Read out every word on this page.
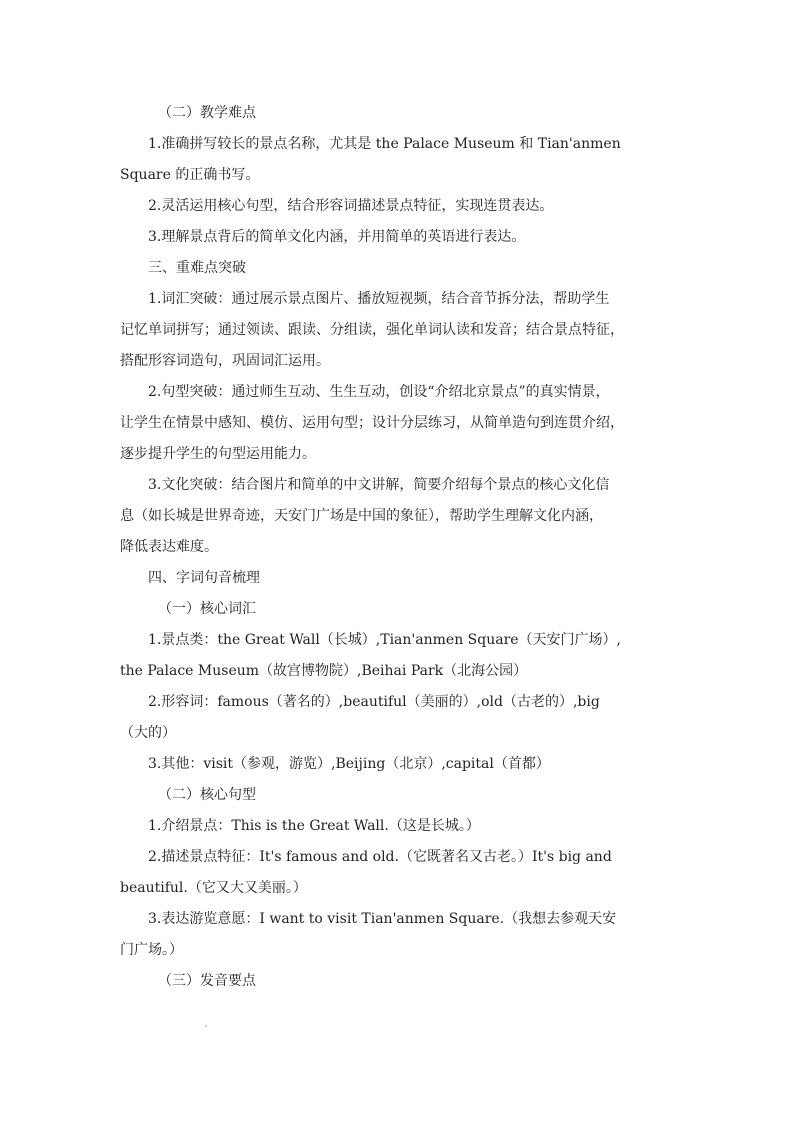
（二）教学难点
1.准确拼写较长的景点名称，尤其是 the Palace Museum 和 Tian'anmen
Square 的正确书写。
2.灵活运用核心句型，结合形容词描述景点特征，实现连贯表达。
3.理解景点背后的简单文化内涵，并用简单的英语进行表达。
三、重难点突破
1.词汇突破：通过展示景点图片、播放短视频，结合音节拆分法，帮助学生
记忆单词拼写；通过领读、跟读、分组读，强化单词认读和发音；结合景点特征，
搭配形容词造句，巩固词汇运用。
2.句型突破：通过师生互动、生生互动，创设“介绍北京景点”的真实情景，
让学生在情景中感知、模仿、运用句型；设计分层练习，从简单造句到连贯介绍，
逐步提升学生的句型运用能力。
3.文化突破：结合图片和简单的中文讲解，简要介绍每个景点的核心文化信
息（如长城是世界奇迹，天安门广场是中国的象征），帮助学生理解文化内涵，
降低表达难度。
四、字词句音梳理
（一）核心词汇
1.景点类：the Great Wall（长城）,Tian'anmen Square（天安门广场）,
the Palace Museum（故宫博物院）,Beihai Park（北海公园）
2.形容词：famous（著名的）,beautiful（美丽的）,old（古老的）,big
（大的）
3.其他：visit（参观，游览）,Beijing（北京）,capital（首都）
（二）核心句型
1.介绍景点：This is the Great Wall.（这是长城。）
2.描述景点特征：It's famous and old.（它既著名又古老。）It's big and
beautiful.（它又大又美丽。）
3.表达游览意愿：I want to visit Tian'anmen Square.（我想去参观天安
门广场。）
（三）发音要点
